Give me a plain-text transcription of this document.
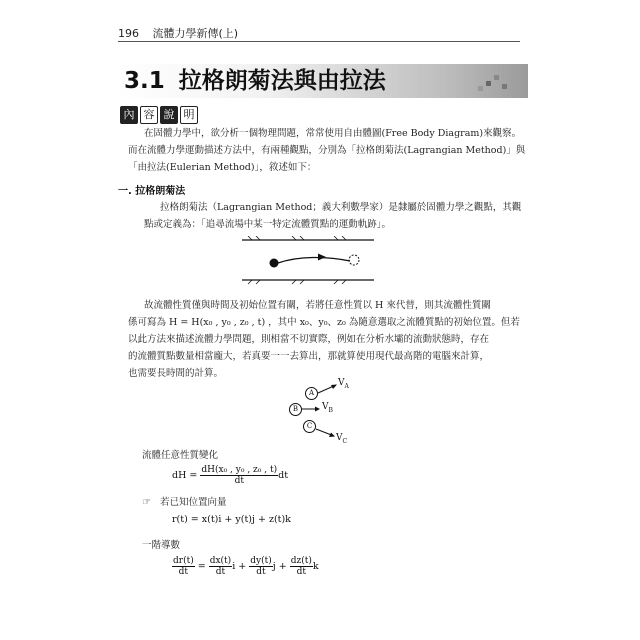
196 流體力學新傳(上)
3.1 拉格朗菊法與由拉法
內 容 說 明
在固體力學中，欲分析一個物理問題，常常使用自由體圖(Free Body Diagram)來觀察。
而在流體力學運動描述方法中，有兩種觀點，分別為「拉格朗菊法(Lagrangian Method)」與
「由拉法(Eulerian Method)」，敘述如下：
一. 拉格朗菊法
拉格朗菊法（Lagrangian Method；義大利數學家）是隸屬於固體力學之觀點，其觀
點或定義為：「追尋流場中某一特定流體質點的運動軌跡」。
故流體性質僅與時間及初始位置有關，若將任意性質以 H 來代替，則其流體性質關
係可寫為 H = H(x₀ , y₀ , z₀ , t) ，其中 x₀、y₀、z₀ 為隨意選取之流體質點的初始位置。但若
以此方法來描述流體力學問題，則相當不切實際，例如在分析水壩的流動狀態時，存在
的流體質點數量相當龐大，若真要一一去算出，那就算使用現代最高階的電腦來計算，
也需要長時間的計算。
A
B
C
$V_A$
$V_B$
$V_C$
流體任意性質變化
dH = $\frac{\text{dH(x₀ , y₀ , z₀ , t)}}{dt}$ dt
☞ 若已知位置向量
r(t) = x(t)i + y(t)j + z(t)k
一階導數
$\frac{dr(t)}{dt} = \frac{dx(t)}{dt}$ $i + \frac{dy(t)}{dt}$ $j + \frac{dz(t)}{dt}$ k
